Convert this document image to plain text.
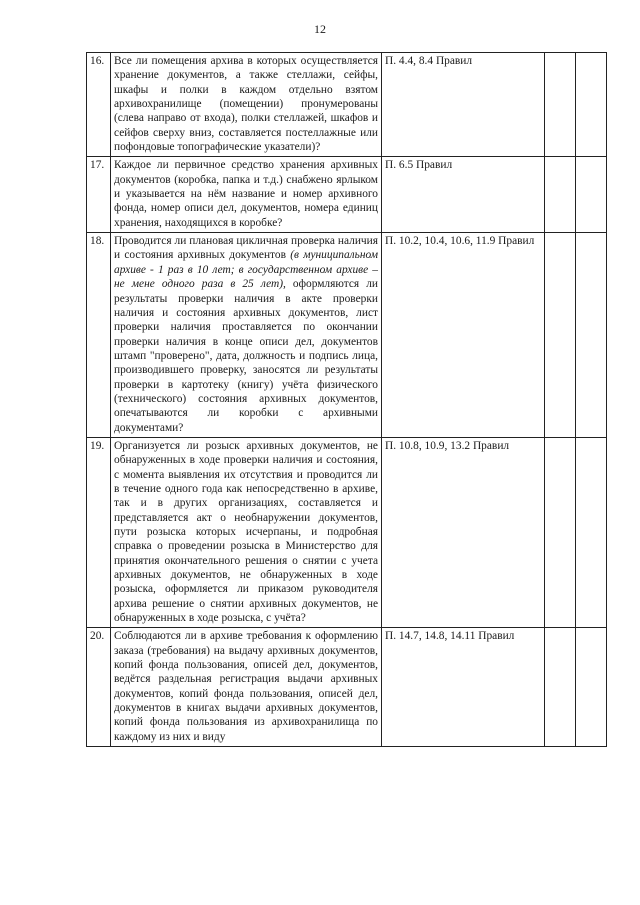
12
16.	Все ли помещения архива в которых осуществляется хранение документов, а также стеллажи, сейфы, шкафы и полки в каждом отдельно взятом архивохранилище (помещении) пронумерованы (слева направо от входа), полки стеллажей, шкафов и сейфов сверху вниз, составляется постеллажные или пофондовые топографические указатели)?	П. 4.4, 8.4 Правил		
17.	Каждое ли первичное средство хранения архивных документов (коробка, папка и т.д.) снабжено ярлыком и указывается на нём название и номер архивного фонда, номер описи дел, документов, номера единиц хранения, находящихся в коробке?	П. 6.5 Правил		
18.	Проводится ли плановая цикличная проверка наличия и состояния архивных документов (в муниципальном архиве - 1 раз в 10 лет; в государственном архиве – не мене одного раза в 25 лет), оформляются ли результаты проверки наличия в акте проверки наличия и состояния архивных документов, лист проверки наличия проставляется по окончании проверки наличия в конце описи дел, документов штамп "проверено", дата, должность и подпись лица, производившего проверку, заносятся ли результаты проверки в картотеку (книгу) учёта физического (технического) состояния архивных документов, опечатываются ли коробки с архивными документами?	П. 10.2, 10.4, 10.6, 11.9 Правил		
19.	Организуется ли розыск архивных документов, не обнаруженных в ходе проверки наличия и состояния, с момента выявления их отсутствия и проводится ли в течение одного года как непосредственно в архиве, так и в других организациях, составляется и представляется акт о необнаружении документов, пути розыска которых исчерпаны, и подробная справка о проведении розыска в Министерство для принятия окончательного решения о снятии с учета архивных документов, не обнаруженных в ходе розыска, оформляется ли приказом руководителя архива решение о снятии архивных документов, не обнаруженных в ходе розыска, с учёта?	П. 10.8, 10.9, 13.2 Правил		
20.	Соблюдаются ли в архиве требования к оформлению заказа (требования) на выдачу архивных документов, копий фонда пользования, описей дел, документов, ведётся раздельная регистрация выдачи архивных документов, копий фонда пользования, описей дел, документов в книгах выдачи архивных документов, копий фонда пользования из архивохранилища по каждому из них и виду	П. 14.7, 14.8, 14.11 Правил		
